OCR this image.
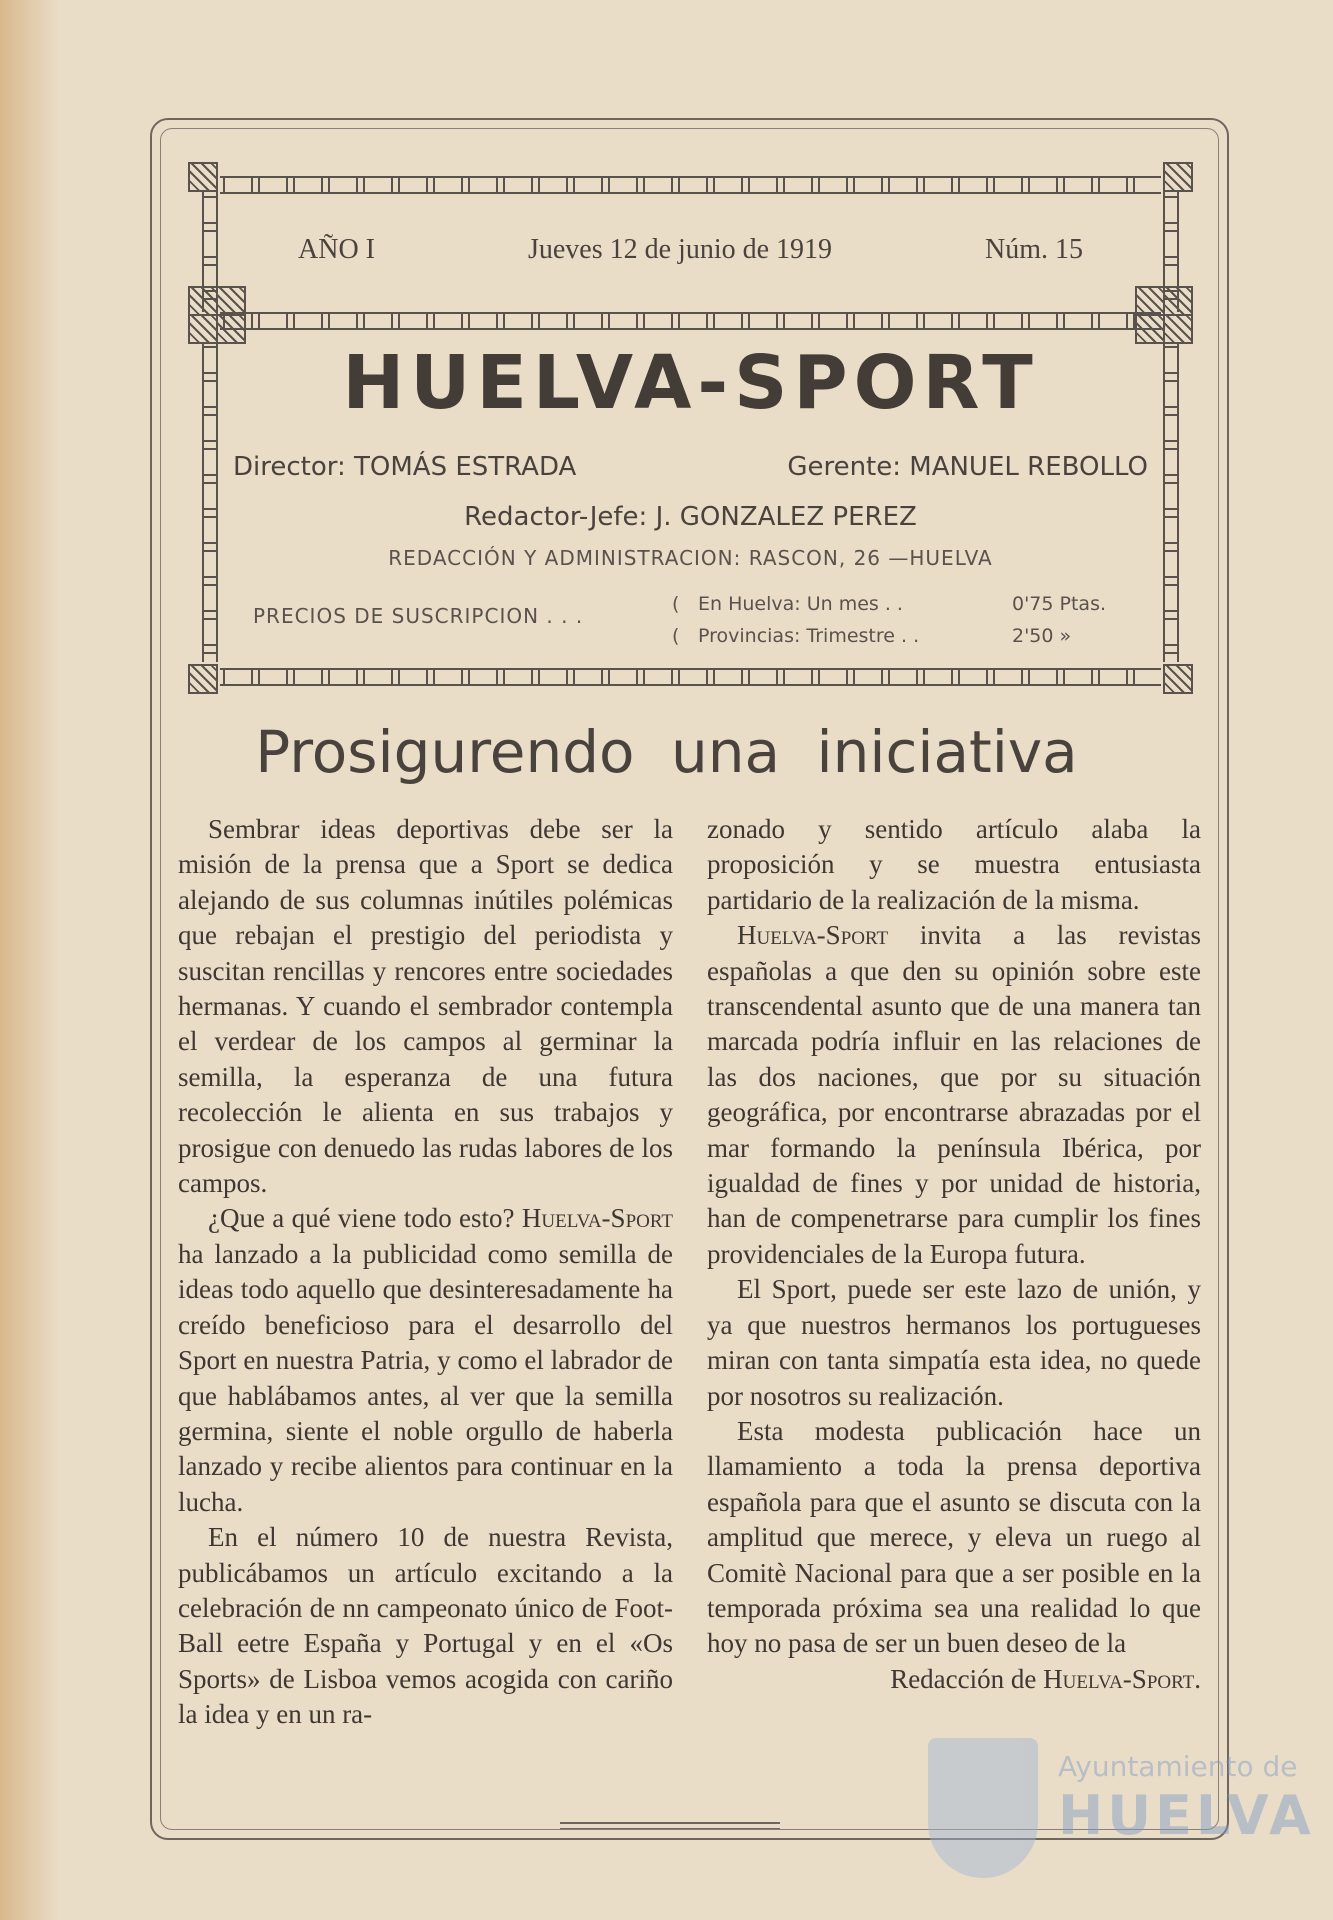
AÑO I	Jueves 12 de junio de 1919	Núm. 15
HUELVA-SPORT
Director: TOMÁS ESTRADA	Gerente: MANUEL REBOLLO
Redactor-Jefe: J. GONZALEZ PEREZ
REDACCIÓN Y ADMINISTRACION: RASCON, 26 —HUELVA
PRECIOS DE SUSCRIPCION . . .	( En Huelva: Un mes . .	0'75 Ptas.
( Provincias: Trimestre . .	2'50 »
Prosigurendo una iniciativa

Sembrar ideas deportivas debe ser la misión de la prensa que a Sport se dedica alejando de sus columnas inútiles polémicas que rebajan el prestigio del periodista y suscitan rencillas y rencores entre sociedades hermanas. Y cuando el sembrador contempla el verdear de los campos al germinar la semilla, la esperanza de una futura recolección le alienta en sus trabajos y prosigue con denuedo las rudas labores de los campos.

¿Que a qué viene todo esto? Huelva-Sport ha lanzado a la publicidad como semilla de ideas todo aquello que desinteresadamente ha creído beneficioso para el desarrollo del Sport en nuestra Patria, y como el labrador de que hablábamos antes, al ver que la semilla germina, siente el noble orgullo de haberla lanzado y recibe alientos para continuar en la lucha.

En el número 10 de nuestra Revista, publicábamos un artículo excitando a la celebración de nn campeonato único de Foot-Ball eetre España y Portugal y en el «Os Sports» de Lisboa vemos acogida con cariño la idea y en un ra-

zonado y sentido artículo alaba la proposición y se muestra entusiasta partidario de la realización de la misma.

Huelva-Sport invita a las revistas españolas a que den su opinión sobre este transcendental asunto que de una manera tan marcada podría influir en las relaciones de las dos naciones, que por su situación geográfica, por encontrarse abrazadas por el mar formando la península Ibérica, por igualdad de fines y por unidad de historia, han de compenetrarse para cumplir los fines providenciales de la Europa futura.

El Sport, puede ser este lazo de unión, y ya que nuestros hermanos los portugueses miran con tanta simpatía esta idea, no quede por nosotros su realización.

Esta modesta publicación hace un llamamiento a toda la prensa deportiva española para que el asunto se discuta con la amplitud que merece, y eleva un ruego al Comitè Nacional para que a ser posible en la temporada próxima sea una realidad lo que hoy no pasa de ser un buen deseo de la

Redacción de Huelva-Sport.

Ayuntamiento de
HUELVA
